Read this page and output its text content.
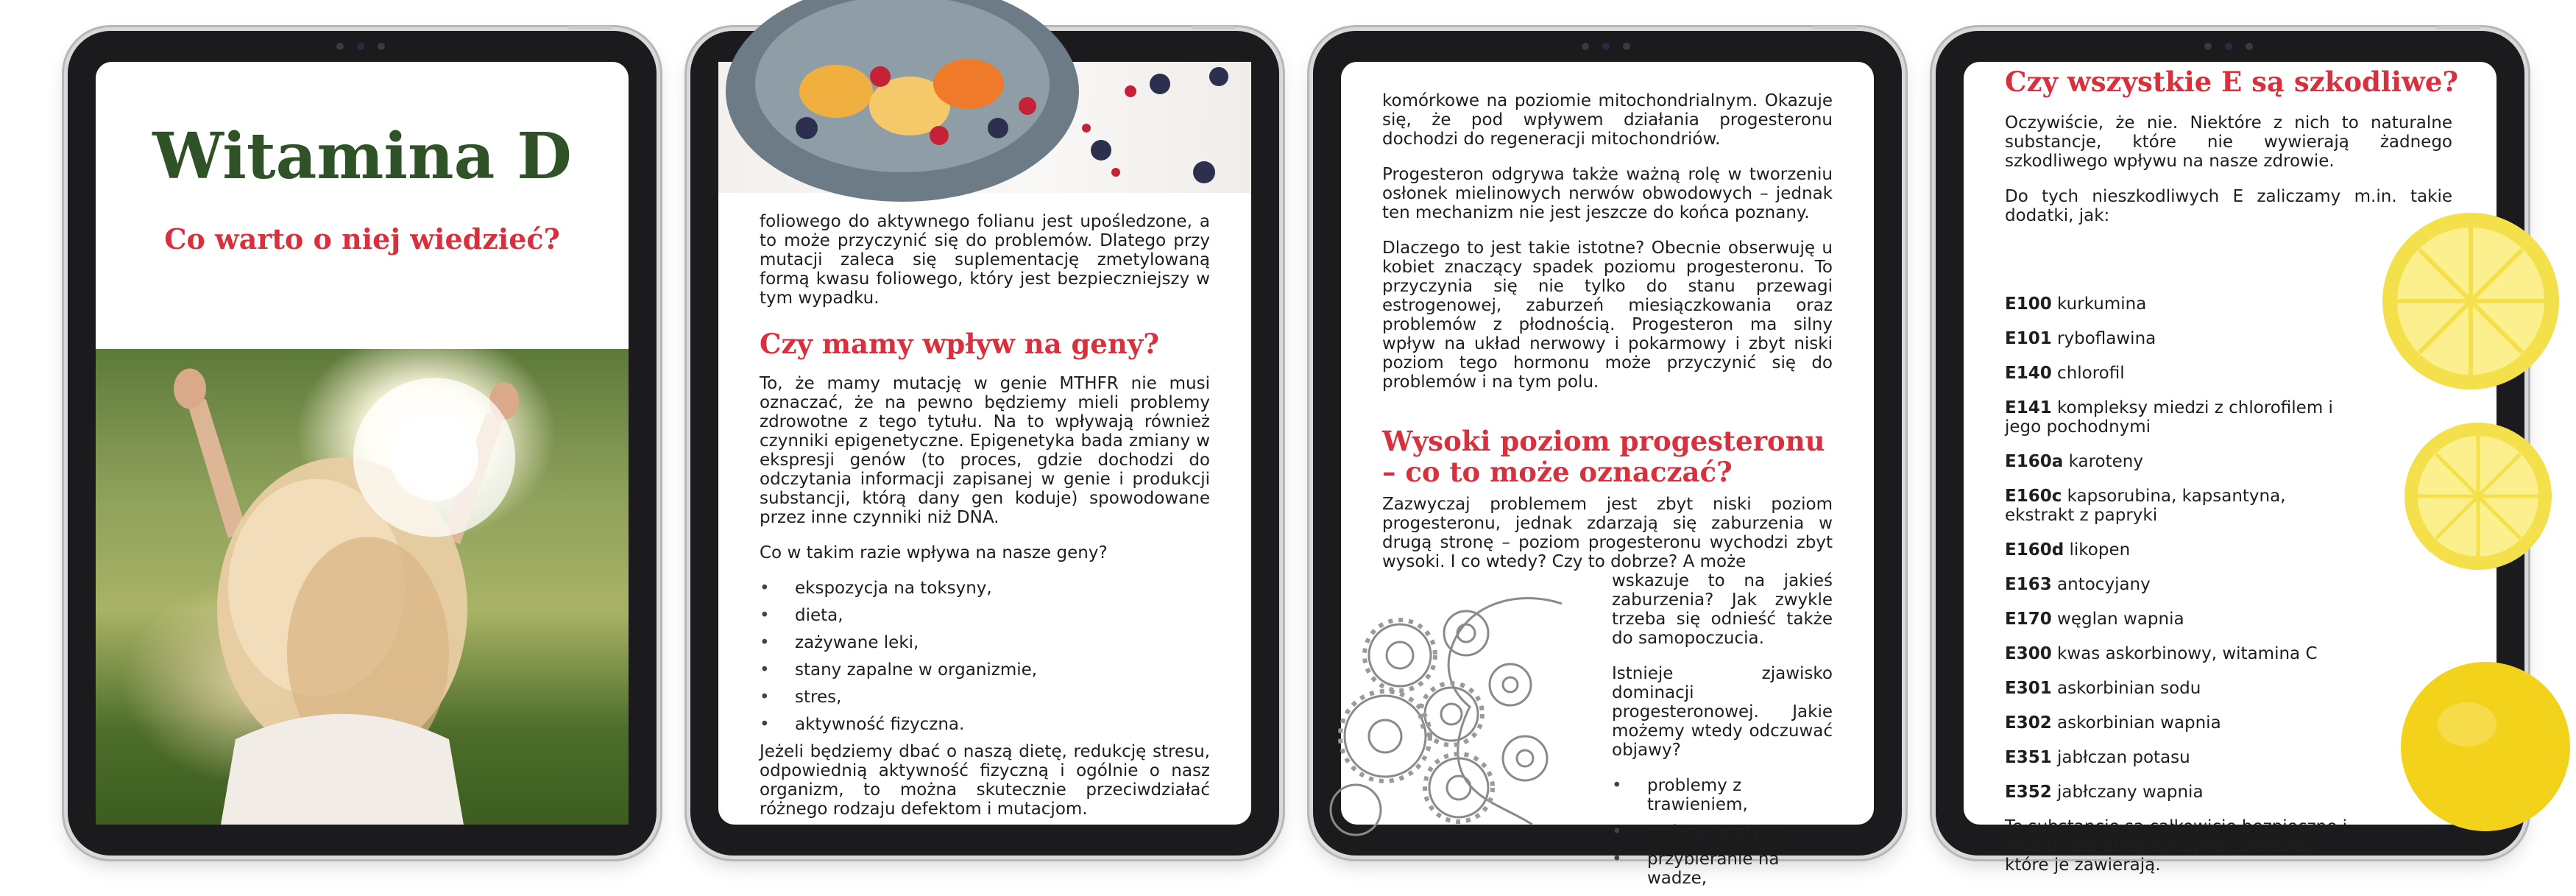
Witamina D
Co warto o niej wiedzieć?

foliowego do aktywnego folianu jest upośledzone, a to może przyczynić się do problemów. Dlatego przy mutacji zaleca się suplementację zmetylowaną formą kwasu foliowego, który jest bezpieczniejszy w tym wypadku.

Czy mamy wpływ na geny?

To, że mamy mutację w genie MTHFR nie musi oznaczać, że na pewno będziemy mieli problemy zdrowotne z tego tytułu. Na to wpływają również czynniki epigenetyczne. Epigenetyka bada zmiany w ekspresji genów (to proces, gdzie dochodzi do odczytania informacji zapisanej w genie i produkcji substancji, którą dany gen koduje) spowodowane przez inne czynniki niż DNA.

Co w takim razie wpływa na nasze geny?

• ekspozycja na toksyny,
• dieta,
• zażywane leki,
• stany zapalne w organizmie,
• stres,
• aktywność fizyczna.

Jeżeli będziemy dbać o naszą dietę, redukcję stresu, odpowiednią aktywność fizyczną i ogólnie o nasz organizm, to można skutecznie przeciwdziałać różnego rodzaju defektom i mutacjom.

komórkowe na poziomie mitochondrialnym. Okazuje się, że pod wpływem działania progesteronu dochodzi do regeneracji mitochondriów.

Progesteron odgrywa także ważną rolę w tworzeniu osłonek mielinowych nerwów obwodowych – jednak ten mechanizm nie jest jeszcze do końca poznany.

Dlaczego to jest takie istotne? Obecnie obserwuję u kobiet znaczący spadek poziomu progesteronu. To przyczynia się nie tylko do stanu przewagi estrogenowej, zaburzeń miesiączkowania oraz problemów z płodnością. Progesteron ma silny wpływ na układ nerwowy i pokarmowy i zbyt niski poziom tego hormonu może przyczynić się do problemów i na tym polu.

Wysoki poziom progesteronu – co to może oznaczać?
Zazwyczaj problemem jest zbyt niski poziom progesteronu, jednak zdarzają się zaburzenia w drugą stronę – poziom progesteronu wychodzi zbyt wysoki. I co wtedy? Czy to dobrze? A może

wskazuje to na jakieś zaburzenia? Jak zwykle trzeba się odnieść także do samopoczucia.

Istnieje zjawisko dominacji progesteronowej. Jakie możemy wtedy odczuwać objawy?

• problemy z trawieniem,
• zmiany apetytu,
• przybieranie na wadze,
Czy wszystkie E są szkodliwe?

Oczywiście, że nie. Niektóre z nich to naturalne substancje, które nie wywierają żadnego szkodliwego wpływu na nasze zdrowie.

Do tych nieszkodliwych E zaliczamy m.in. takie dodatki, jak:

E100 kurkumina
E101 ryboflawina
E140 chlorofil
E141 kompleksy miedzi z chlorofilem i jego pochodnymi
E160a karoteny
E160c kapsorubina, kapsantyna, ekstrakt z papryki
E160d likopen
E163 antocyjany
E170 węglan wapnia
E300 kwas askorbinowy, witamina C
E301 askorbinian sodu
E302 askorbinian wapnia
E351 jabłczan potasu
E352 jabłczany wapnia
Te substancje są całkowicie bezpieczne i można bez obaw spożywać produkty, które je zawierają.
